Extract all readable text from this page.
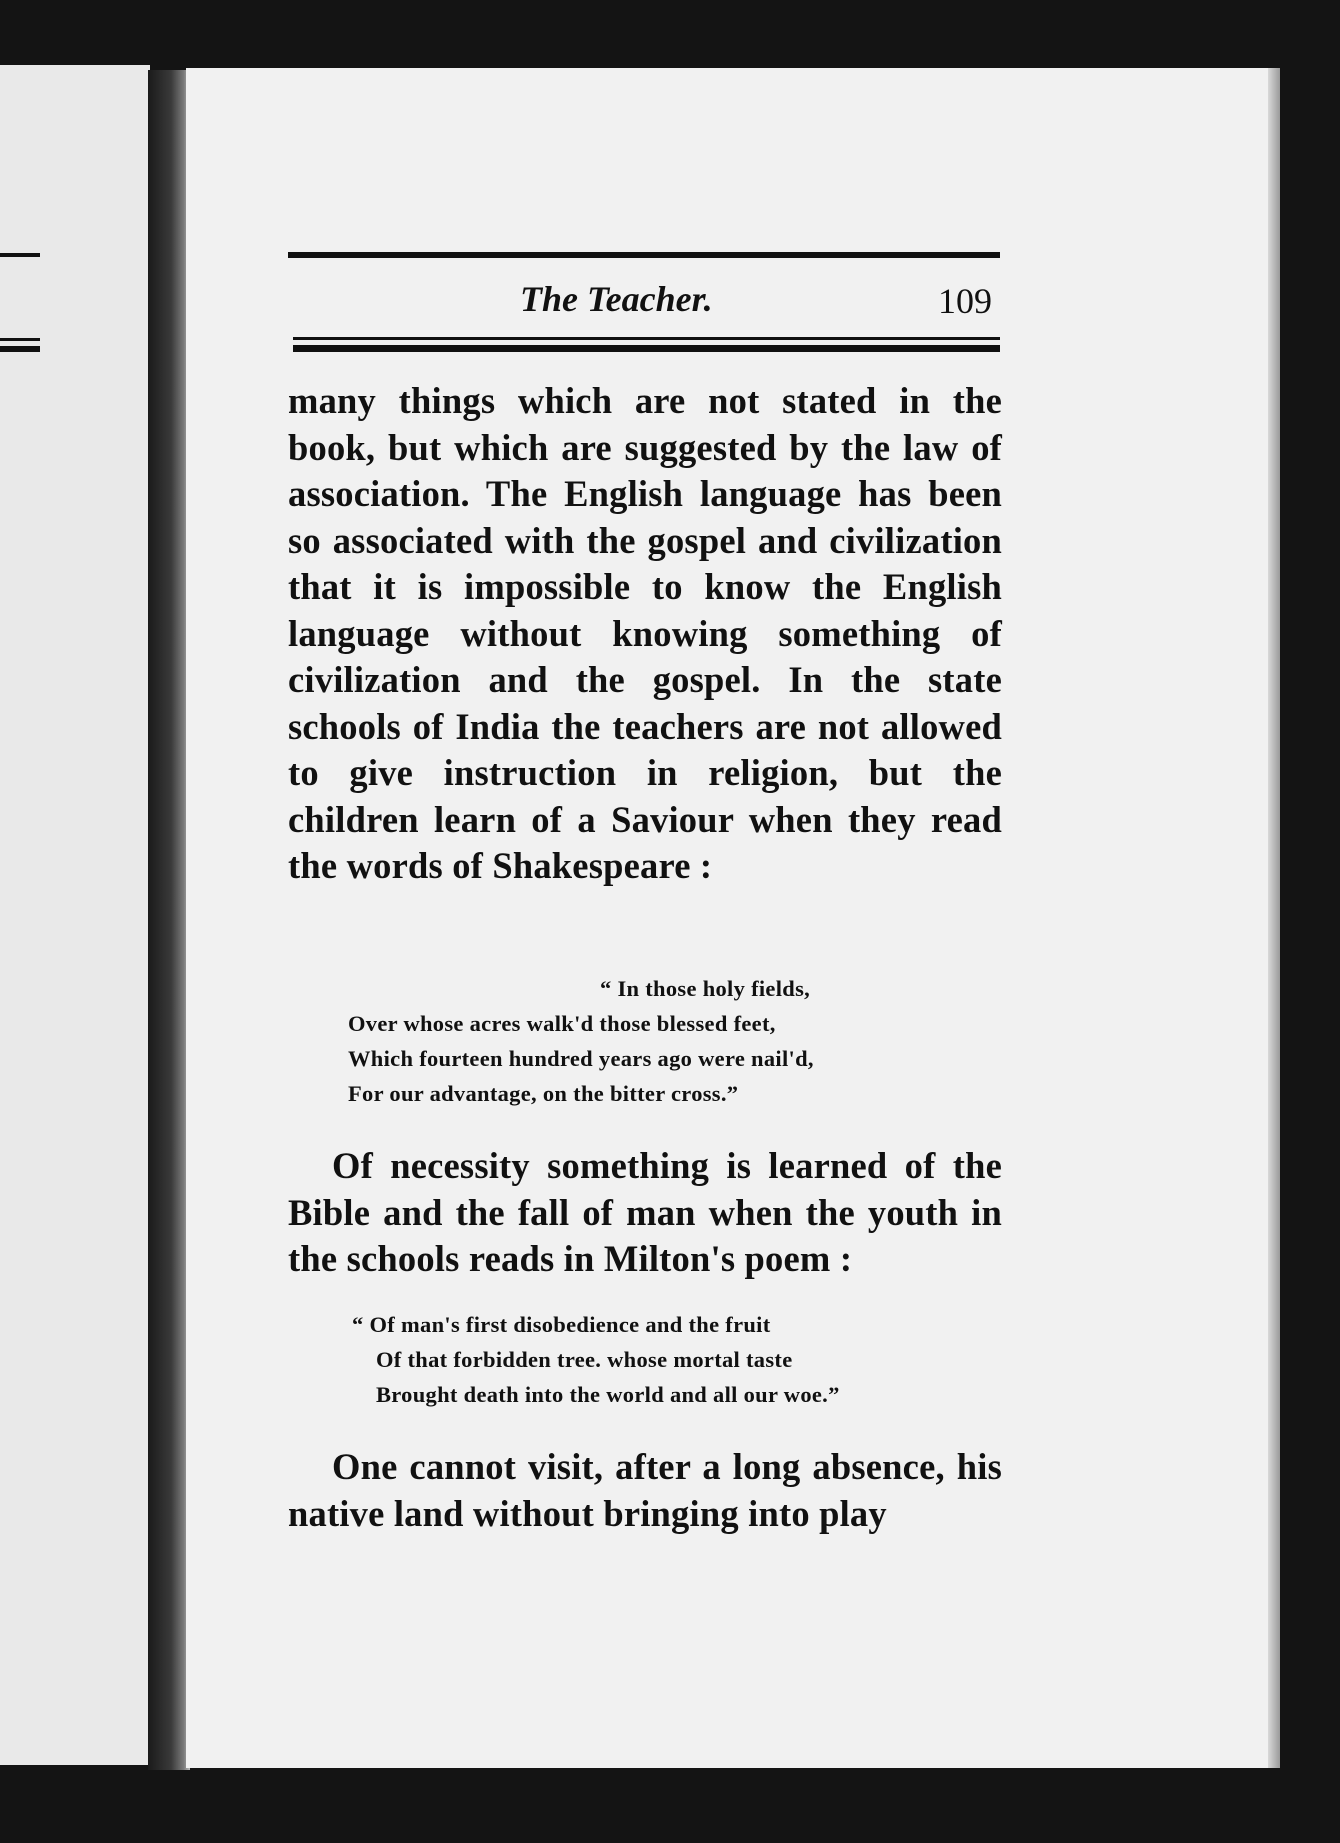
The Teacher.	109

many things which are not stated in the book, but which are suggested by the law of association. The English language has been so associated with the gospel and civilization that it is impossible to know the English language without knowing something of civilization and the gospel. In the state schools of India the teachers are not allowed to give instruction in religion, but the children learn of a Saviour when they read the words of Shakespeare :

“ In those holy fields,
Over whose acres walk'd those blessed feet,
Which fourteen hundred years ago were nail'd,
For our advantage, on the bitter cross.”

Of necessity something is learned of the Bible and the fall of man when the youth in the schools reads in Milton's poem :

“ Of man's first disobedience and the fruit
Of that forbidden tree. whose mortal taste
Brought death into the world and all our woe.”

One cannot visit, after a long absence, his native land without bringing into play
